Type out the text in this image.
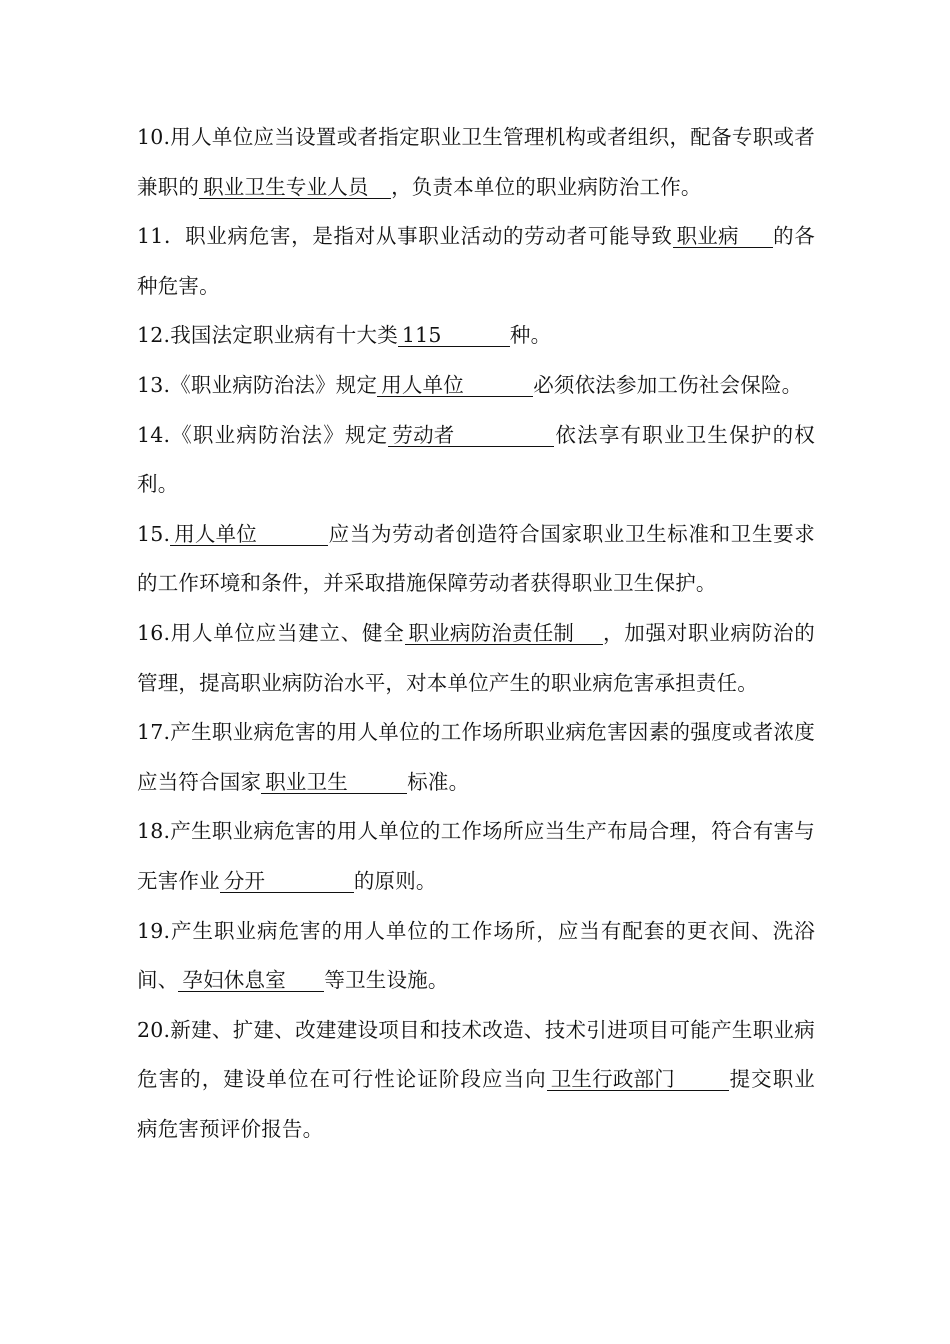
10.用人单位应当设置或者指定职业卫生管理机构或者组织，配备专职或者兼职的 职业卫生专业人员 ，负责本单位的职业病防治工作。

11．职业病危害，是指对从事职业活动的劳动者可能导致 职业病 的各种危害。

12.我国法定职业病有十大类 115	种。

13.《职业病防治法》规定 用人单位	必须依法参加工伤社会保险。

14.《职业病防治法》规定 劳动者	依法享有职业卫生保护的权利。

15. 用人单位	应当为劳动者创造符合国家职业卫生标准和卫生要求的工作环境和条件，并采取措施保障劳动者获得职业卫生保护。

16.用人单位应当建立、健全 职业病防治责任制 ，加强对职业病防治的管理，提高职业病防治水平，对本单位产生的职业病危害承担责任。

17.产生职业病危害的用人单位的工作场所职业病危害因素的强度或者浓度应当符合国家 职业卫生	标准。

18.产生职业病危害的用人单位的工作场所应当生产布局合理，符合有害与无害作业 分开	的原则。

19.产生职业病危害的用人单位的工作场所，应当有配套的更衣间、洗浴间、 孕妇休息室 等卫生设施。

20.新建、扩建、改建建设项目和技术改造、技术引进项目可能产生职业病危害的，建设单位在可行性论证阶段应当向 卫生行政部门	提交职业病危害预评价报告。
